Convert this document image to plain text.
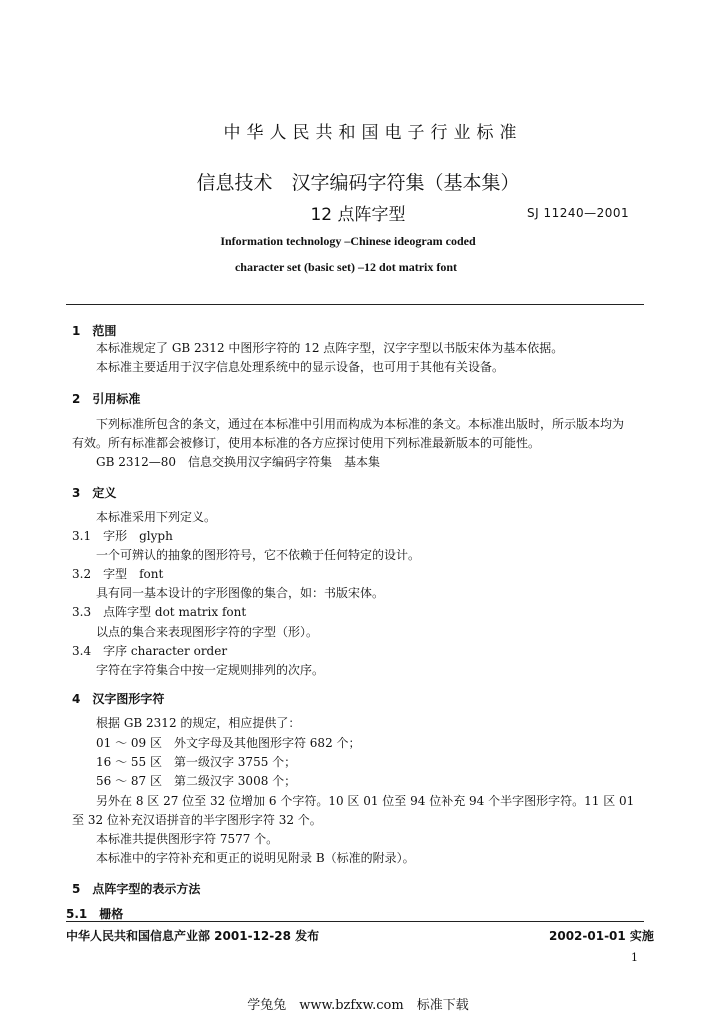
中华人民共和国电子行业标准
信息技术　汉字编码字符集（基本集）
12 点阵字型	SJ 11240—2001
Information technology –Chinese ideogram coded
character set (basic set) –12 dot matrix font
1　范围
本标准规定了 GB 2312 中图形字符的 12 点阵字型，汉字字型以书版宋体为基本依据。
本标准主要适用于汉字信息处理系统中的显示设备，也可用于其他有关设备。
2　引用标准
下列标准所包含的条文，通过在本标准中引用而构成为本标准的条文。本标准出版时，所示版本均为
有效。所有标准都会被修订，使用本标准的各方应探讨使用下列标准最新版本的可能性。
GB 2312—80　信息交换用汉字编码字符集　基本集
3　定义
本标准采用下列定义。
3.1　字形　glyph
一个可辨认的抽象的图形符号，它不依赖于任何特定的设计。
3.2　字型　font
具有同一基本设计的字形图像的集合，如：书版宋体。
3.3　点阵字型 dot matrix font
以点的集合来表现图形字符的字型（形）。
3.4　字序 character order
字符在字符集合中按一定规则排列的次序。
4　汉字图形字符
根据 GB 2312 的规定，相应提供了：
01 ～ 09 区　外文字母及其他图形字符 682 个；
16 ～ 55 区　第一级汉字 3755 个；
56 ～ 87 区　第二级汉字 3008 个；
另外在 8 区 27 位至 32 位增加 6 个字符。10 区 01 位至 94 位补充 94 个半字图形字符。11 区 01
至 32 位补充汉语拼音的半字图形字符 32 个。
本标准共提供图形字符 7577 个。
本标准中的字符补充和更正的说明见附录 B（标准的附录）。
5　点阵字型的表示方法
5.1　栅格
中华人民共和国信息产业部 2001-12-28 发布	2002-01-01 实施
1
学兔兔　www.bzfxw.com　标准下载
